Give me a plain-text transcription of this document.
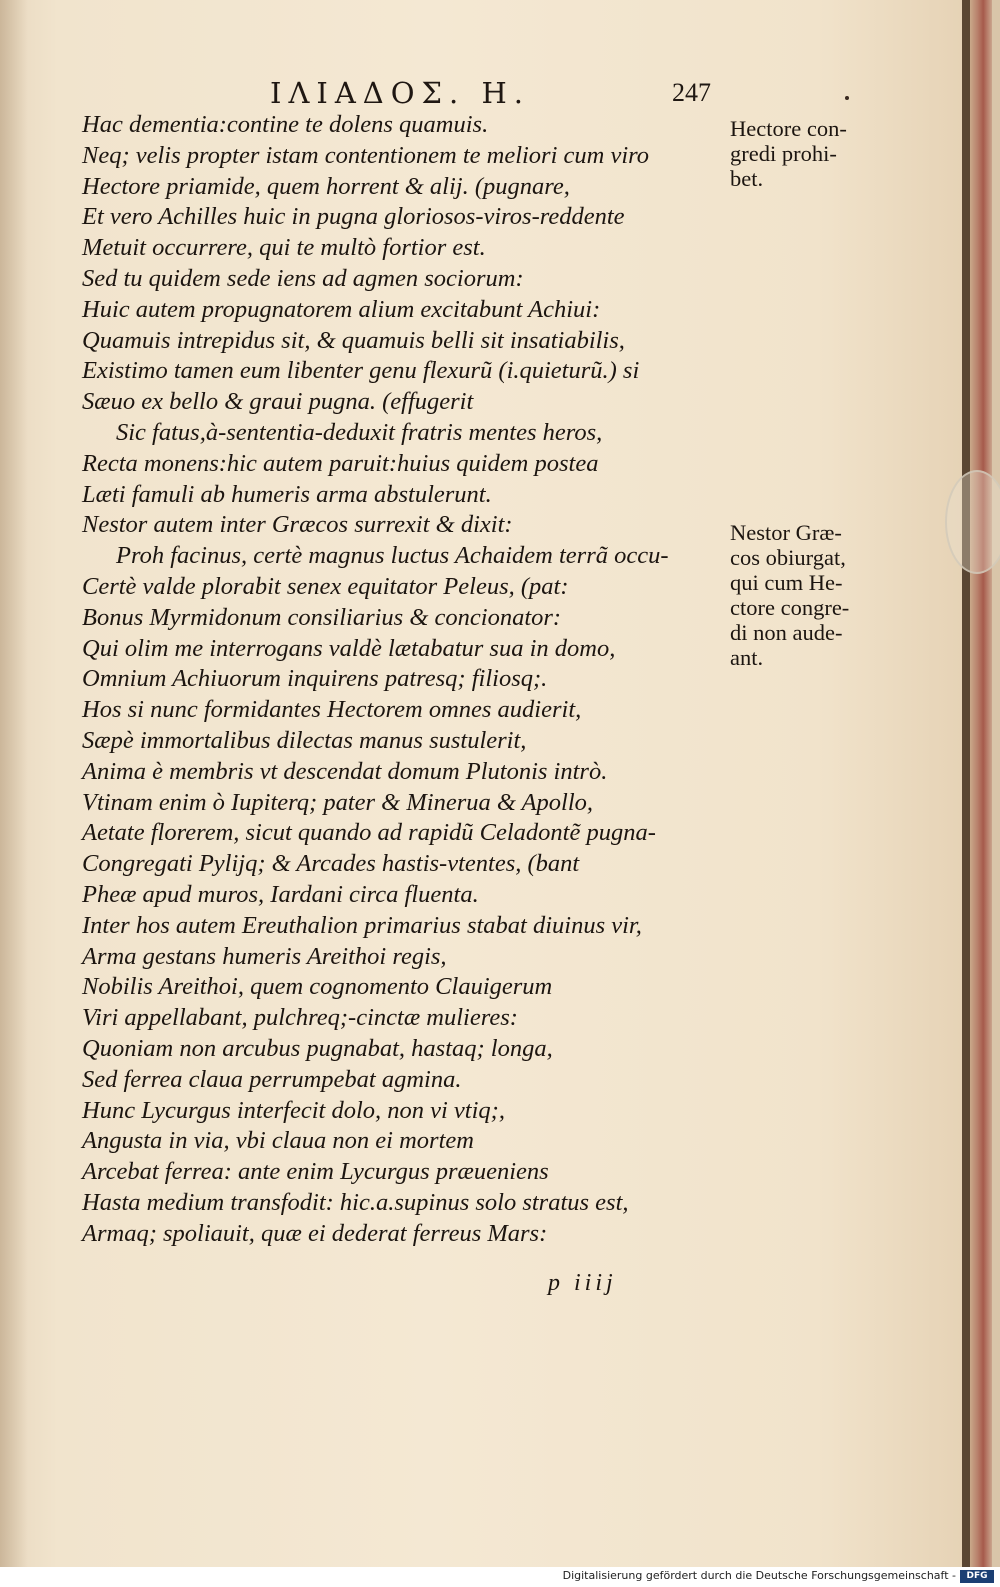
ΙΛΙΑΔΟΣ. Η.	247
Hac dementia:contine te dolens quamuis.
Neq; velis propter istam contentionem te meliori cum viro
Hectore priamide, quem horrent & alij. (pugnare,
Et vero Achilles huic in pugna gloriosos-viros-reddente
Metuit occurrere, qui te multò fortior est.
Sed tu quidem sede iens ad agmen sociorum:
Huic autem propugnatorem alium excitabunt Achiui:
Quamuis intrepidus sit, & quamuis belli sit insatiabilis,
Existimo tamen eum libenter genu flexurũ (i.quieturũ.) si
Sæuo ex bello & graui pugna. (effugerit
Sic fatus,à-sententia-deduxit fratris mentes heros,
Recta monens:hic autem paruit:huius quidem postea
Læti famuli ab humeris arma abstulerunt.
Nestor autem inter Græcos surrexit & dixit:
Proh facinus, certè magnus luctus Achaidem terrã occu-
Certè valde plorabit senex equitator Peleus, (pat:
Bonus Myrmidonum consiliarius & concionator:
Qui olim me interrogans valdè lætabatur sua in domo,
Omnium Achiuorum inquirens patresq; filiosq;.
Hos si nunc formidantes Hectorem omnes audierit,
Sæpè immortalibus dilectas manus sustulerit,
Anima è membris vt descendat domum Plutonis intrò.
Vtinam enim ò Iupiterq; pater & Minerua & Apollo,
Aetate florerem, sicut quando ad rapidũ Celadontẽ pugna-
Congregati Pylijq; & Arcades hastis-vtentes, (bant
Pheæ apud muros, Iardani circa fluenta.
Inter hos autem Ereuthalion primarius stabat diuinus vir,
Arma gestans humeris Areithoi regis,
Nobilis Areithoi, quem cognomento Clauigerum
Viri appellabant, pulchreq;-cinctæ mulieres:
Quoniam non arcubus pugnabat, hastaq; longa,
Sed ferrea claua perrumpebat agmina.
Hunc Lycurgus interfecit dolo, non vi vtiq;,
Angusta in via, vbi claua non ei mortem
Arcebat ferrea: ante enim Lycurgus præueniens
Hasta medium transfodit: hic.a.supinus solo stratus est,
Armaq; spoliauit, quæ ei dederat ferreus Mars:
Hectore con-
gredi prohi-
bet.
Nestor Græ-
cos obiurgat,
qui cum He-
ctore congre-
di non aude-
ant.
p iiij
Digitalisierung gefördert durch die Deutsche Forschungsgemeinschaft -	DFG
